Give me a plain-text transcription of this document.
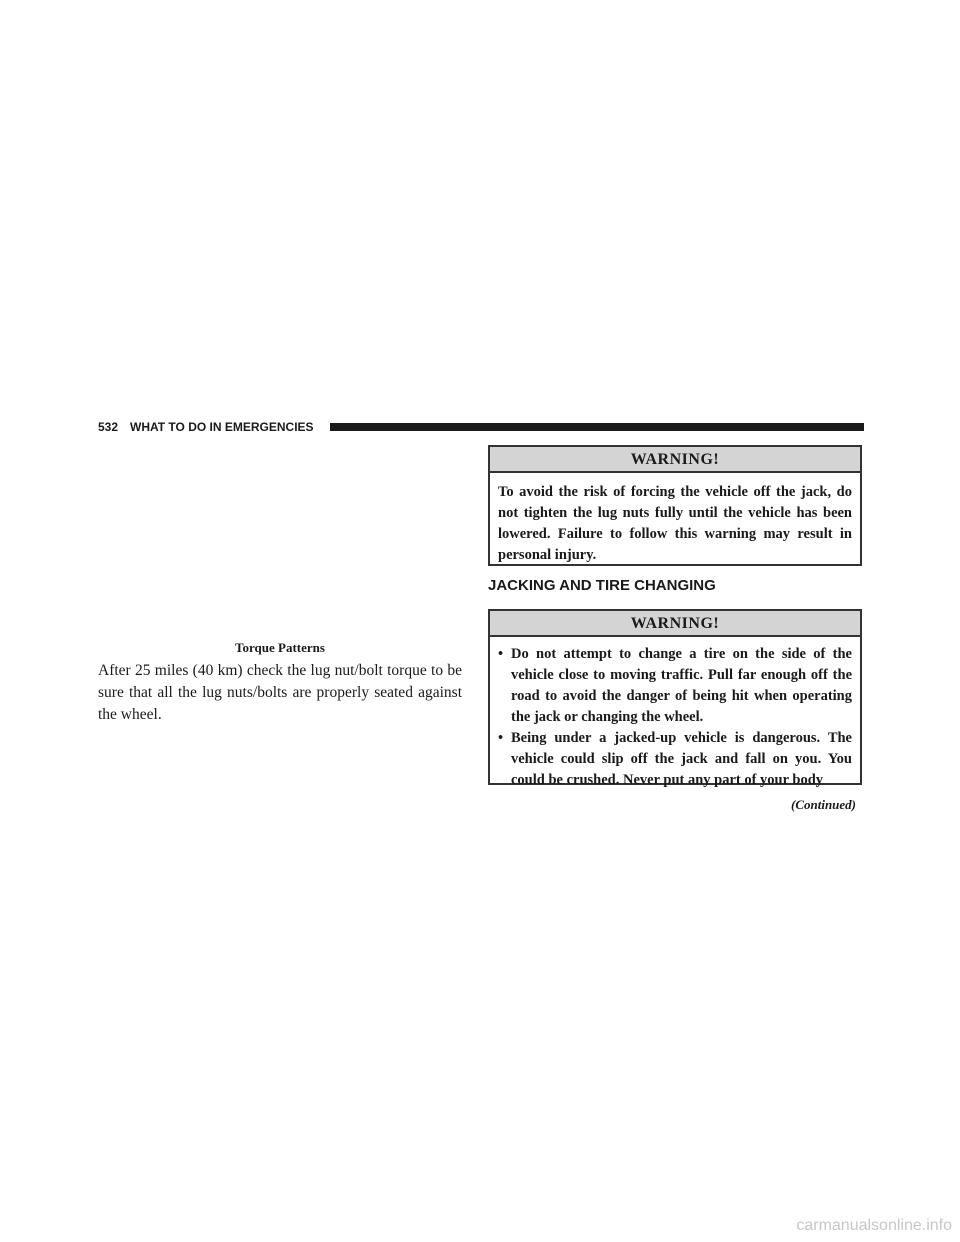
532 WHAT TO DO IN EMERGENCIES
Torque Patterns

After 25 miles (40 km) check the lug nut/bolt torque to be sure that all the lug nuts/bolts are properly seated against the wheel.

WARNING!

To avoid the risk of forcing the vehicle off the jack, do not tighten the lug nuts fully until the vehicle has been lowered. Failure to follow this warning may result in personal injury.

JACKING AND TIRE CHANGING
WARNING!
• Do not attempt to change a tire on the side of the vehicle close to moving traffic. Pull far enough off the road to avoid the danger of being hit when operating the jack or changing the wheel.
• Being under a jacked-up vehicle is dangerous. The vehicle could slip off the jack and fall on you. You could be crushed. Never put any part of your body
(Continued)
carmanualsonline.info
